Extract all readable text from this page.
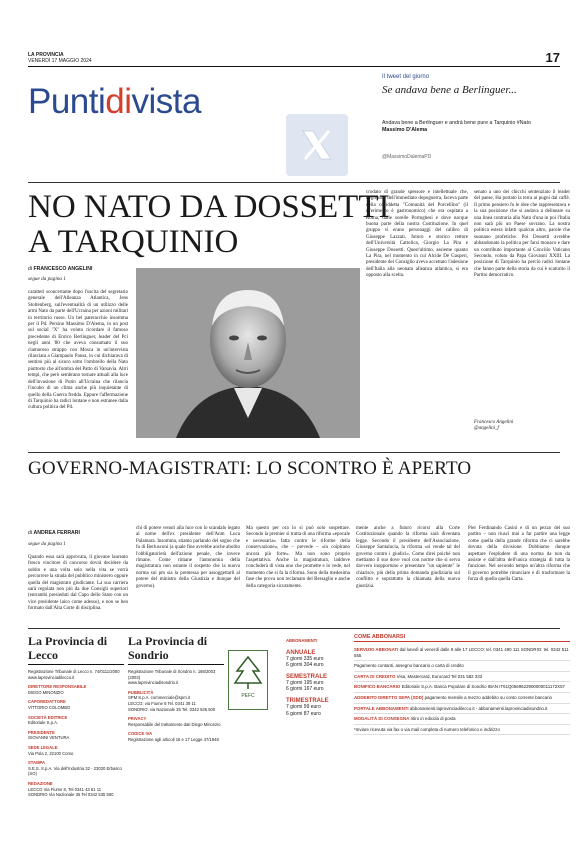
LA PROVINCIA
VENERDÌ 17 MAGGIO 2024	17
Puntidivista
Il tweet del giorno
Se andava bene a Berlinguer...
Andava bene a Berlinguer e andrà bene pure a Tarquinio #Nato
Massimo D'Alema
@MassimoDalemaPD
NO NATO DA DOSSETTI A TARQUINIO
di FRANCESCO ANGELINI
segue da pagina 1
caratteri sconcertante dopo l'uscita del segretario generale dell'Alleanza Atlantica, Jens Stoltenberg, sull'eventualità di un utilizzo delle armi Nato da parte dell'Ucraina per azioni militari in territorio russo. Un bel pateracchio insomma per il Pd. Persino Massimo D'Alema, in un post sul social "X" ha voluto ricordare il famoso precedente di Enrico Berlinguer, leader del Pci negli anni '80 che aveva consumato il suo clamoroso strappo con Mosca in un'intervista rilasciata a Giampaolo Pansa, in cui dichiarava di sentirsi più al sicuro sotto l'ombrello della Nato piuttosto che all'ombra del Patto di Varsavia. Altri tempi, che però sembrano tornare attuali alla luce dell'invasione di Putin all'Ucraina che rilancia l'incubo di un clima anche più inquietante di quello della Guerra fredda. Eppure l'affermazione di Tarquinio ha radici lontane e non estranee dalla cultura politica del Pd.
crodato di grande spessore e intellettuale che, negli anni dell'immediato dopoguerra, faceva parte della cosiddetta "Comunità del Porcellino" (il riferimento è gastronomico) che era ospitata a Roma, dalle sorelle Portoghesi e dove nacque buona parte della nostra Costituzione. In quel gruppo vi erano personaggi del calibro di Giuseppe Lazzati, futuro e storico rettore dell'Università Cattolica, Giorgio La Pira e Giuseppe Dossetti. Quest'ultimo, assieme quanto La Pira, nel momento in cui Alcide De Gasperi, presidente del Consiglio aveva accettato l'adesione dell'Italia alla neonata alleanza atlantica, si era opposto alla scelta.
senato a uno dei chicchi sentenziato il leader del paese, Ha portato la terra ai pugni dal caffè. Il primo pensiero fu le idee che rappresentava e la sua posizione che si andava a delineare su una linea contraria alla Nato d'una in poi l'Italia non sarà più un Paese sovrano. La nostra politica estera infatti qualcun altro, parole che suonano profetiche. Poi Dossetti avrebbe abbandonato la politica per farsi monaco e dare un contributo importante al Concilio Vaticano Secondo, voluto da Papa Giovanni XXIII. La posizione di Tarquinio ha perciò radici lontane che fanno parte della storia da cui è scaturito il Partito democratico.
Francesco Angelini
@angelini_f
GOVERNO-MAGISTRATI: LO SCONTRO È APERTO
di ANDREA FERRARI
segue da pagina 1
Quando essa sarà approvata, il giovane laureato fresco vincitore di concorso dovrà decidere da subito e una volta solo nella vita se vorrà percorrere la strada del pubblico ministero oppure quella del magistrato giudicante. La sua carriera sarà regolata non più da due Consigli superiori (entrambi presieduti dal Capo dello Stato con un vice presidente laico come adesso), e non se ben formato dall'Alta Corte di disciplina.
chi di potere venuti alla luce con lo scandalo legato al nome dell'ex presidente dell'Anm Luca Palamara. Insomma, stiamo parlando del sogno che fu di Berlusconi (a quale fine avrebbe anche abolito l'obbligatorietà dell'azione penale, che invece rimane. Come rimane l'autonomia della magistratura non ostante il sospetto che la nuova norma sui pm sia la premessa per assoggettarli al potere del ministro della Giustizia e dunque del governo).
Ma questo per ora lo si può solo sospettare. Secondo la premier si tratta di una riforma «epocale e necessaria» fatta contro le riforme della conservazione», che – prevede – «in coipirano ancora più forte». Ma non sono proprio l'aspettativa. Anche la magistratura, laddove concluderà di vista uno che promette e lo vede, nel momento che si fa la riforma. Sono della medesima fase che prova non reclamato del Bersaglio e anche della categoria sicuramente.
mente anche a futuro ricorsi alla Corte Costituzionale quando la riforma sarà diventata legge. Secondo il presidente dell'Associazione, Giuseppe Santalucia, la riforma «si vende tal del governo contro i giudici». Come direi poiché non mettiamo il suo dove vuol con norme che si serva davvero inopportuno e presentare "un sapiente" le chiarisce, più della prima domanda giudiziaria sul conflitto e soprattutto la chiamata della nuova giustizia.
Pier Ferdinando Casini e di un pezzo del suo partito – non riuscì mai a far partire una legge come quella della grande riforma che ci sarebbe dovuta della divisione. Dobbiamo dunque aspettare l'esplodere di una norma da non da assiste e dall'altra dell'unica strategia di tutta la funzione. Nel secondo tempo un'altra riforma che il governo potrebbe rinunciare è di trasformare la forza di quella quella Carta.
La Provincia di Lecco
Registrazione Tribunale di Lecco n. 74/0111/2000
www.laprovinciadilecco.it
DIRETTORE RESPONSABILE
DIEGO MINONZIO
CAPOREDATTORE
VITTORIO COLOMBO
SOCIETÀ EDITRICE
Editoriale S.p.A.
PRESIDENTE
GIOVANNI VENTURA
SEDE LEGALE
Via Pola 2, 22100 Como
STAMPA
S.E.S. S.p.A. Via dell'Industria 32 - 23030 Erbasco (SO)
REDAZIONE
LECCO Via Fiume 8, Tel 0341 43 61 11
SONDRIO Via Nazionale 35 Tel 0342 535 500
La Provincia di Sondrio
Registrazione Tribunale di Sondrio n. 186/2003 (2003)
www.laprovinciadisondrio.it
PUBBLICITÀ
SPM S.p.A. commerciale@spm.it
LECCO: via Fiume 8 Tel. 0341 39 11
SONDRIO: via Nazionale 35 Tel. 0342 535 500
PRIVACY
Responsabile del trattamento dati Diego Minonzio
CODICE IVA
Registrazione agli articoli 16 e 17 Legge 47/1948
PEFC
ABBONAMENTI
ANNUALE
7 giorni 335 euro
6 giorni 304 euro
SEMESTRALE
7 giorni 195 euro
6 giorni 167 euro
TRIMESTRALE
7 giorni 99 euro
6 giorni 87 euro
COME ABBONARSI
SERVIZIO ABBONATI dal lunedì al venerdì dalle 9 alle 17 LECCO: tel. 0341 490 111 SONDRIO: tel. 0342 511 555
Pagamento contanti, assegno bancario o carta di credito
CARTA DI CREDITO Visa, Mastercard, Eurocard Tel 031 582 333
BONIFICO BANCARIO Editoriale S.p.A. Banca Popolare di Sondrio IBAN IT61Q0569622900000011172X57
ADDEBITO DIRETTO SEPA (SDD) pagamento mensile a mezzo addebito su conto corrente bancario
PORTALE ABBONAMENTI abbonamenti.laprovinciadilecco.it - abbonamenti.laprovinciadisondrio.it
MODALITÀ DI CONSEGNA ritiro in edicola di posta
*Inviare ricevuta via fax o via mail completa di numero telefonico e indirizzo
